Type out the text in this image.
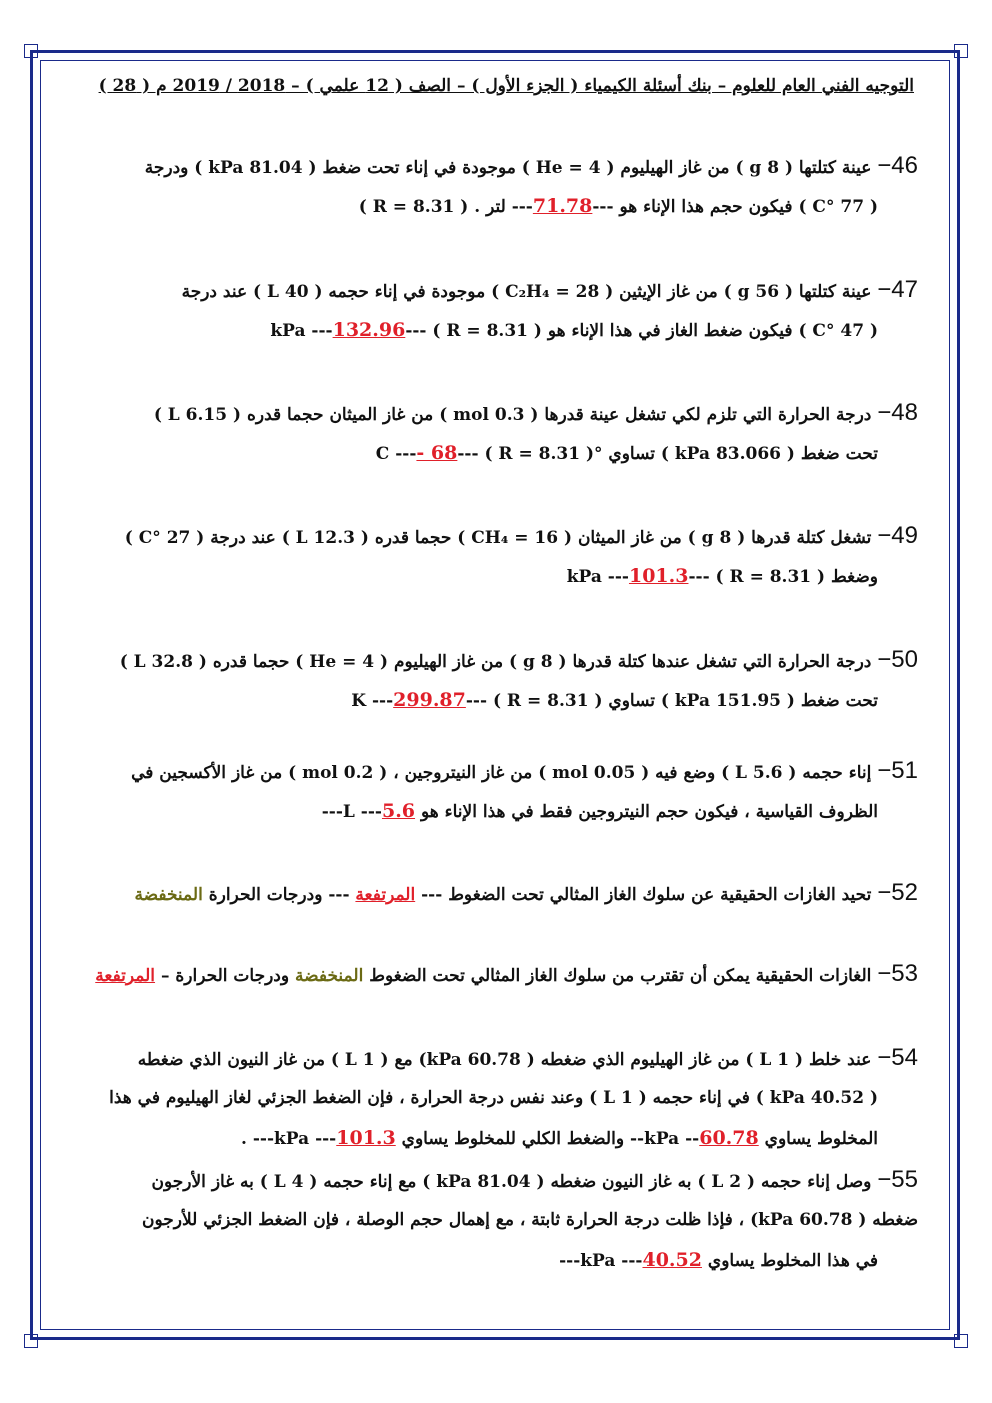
التوجيه الفني العام للعلوم – بنك أسئلة الكيمياء ( الجزء الأول ) – الصف ( 12 علمي ) – 2018 / 2019 م ( 28 )
46− عينة كتلتها ( g 8 ) من غاز الهيليوم ( He = 4 ) موجودة في إناء تحت ضغط ( 81.04 kPa ) ودرجة
( 77 °C ) فيكون حجم هذا الإناء هو ---71.78--- لتر . ( R = 8.31 )
47− عينة كتلتها ( g 56 ) من غاز الإيثين ( C₂H₄ = 28 ) موجودة في إناء حجمه ( L 40 ) عند درجة
( 47 °C ) فيكون ضغط الغاز في هذا الإناء هو kPa ---132.96--- ( R = 8.31 )
48− درجة الحرارة التي تلزم لكي تشغل عينة قدرها ( 0.3 mol ) من غاز الميثان حجما قدره ( 6.15 L )
تحت ضغط ( 83.066 kPa ) تساوي °C ---- 68--- ( R = 8.31 )
49− تشغل كتلة قدرها ( g 8 ) من غاز الميثان ( CH₄ = 16 ) حجما قدره ( 12.3 L ) عند درجة ( 27 °C )
وضغط kPa ---101.3--- ( R = 8.31 )
50− درجة الحرارة التي تشغل عندها كتلة قدرها ( g 8 ) من غاز الهيليوم ( He = 4 ) حجما قدره ( 32.8 L )
تحت ضغط ( 151.95 kPa ) تساوي K ---299.87--- ( R = 8.31 )
51− إناء حجمه ( 5.6 L ) وضع فيه ( 0.05 mol ) من غاز النيتروجين ، ( 0.2 mol ) من غاز الأكسجين في
الظروف القياسية ، فيكون حجم النيتروجين فقط في هذا الإناء هو L ---5.6---
52− تحيد الغازات الحقيقية عن سلوك الغاز المثالي تحت الضغوط --- المرتفعة --- ودرجات الحرارة المنخفضة
53− الغازات الحقيقية يمكن أن تقترب من سلوك الغاز المثالي تحت الضغوط المنخفضة ودرجات الحرارة – المرتفعة
54− عند خلط ( 1 L ) من غاز الهيليوم الذي ضغطه ( 60.78 kPa) مع ( 1 L ) من غاز النيون الذي ضغطه
( 40.52 kPa ) في إناء حجمه ( 1 L ) وعند نفس درجة الحرارة ، فإن الضغط الجزئي لغاز الهيليوم في هذا
المخلوط يساوي kPa --60.78-- والضغط الكلي للمخلوط يساوي kPa ---101.3--- .
55− وصل إناء حجمه ( 2 L ) به غاز النيون ضغطه ( 81.04 kPa ) مع إناء حجمه ( 4 L ) به غاز الأرجون
ضغطه ( 60.78 kPa) ، فإذا ظلت درجة الحرارة ثابتة ، مع إهمال حجم الوصلة ، فإن الضغط الجزئي للأرجون
في هذا المخلوط يساوي kPa ---40.52---
